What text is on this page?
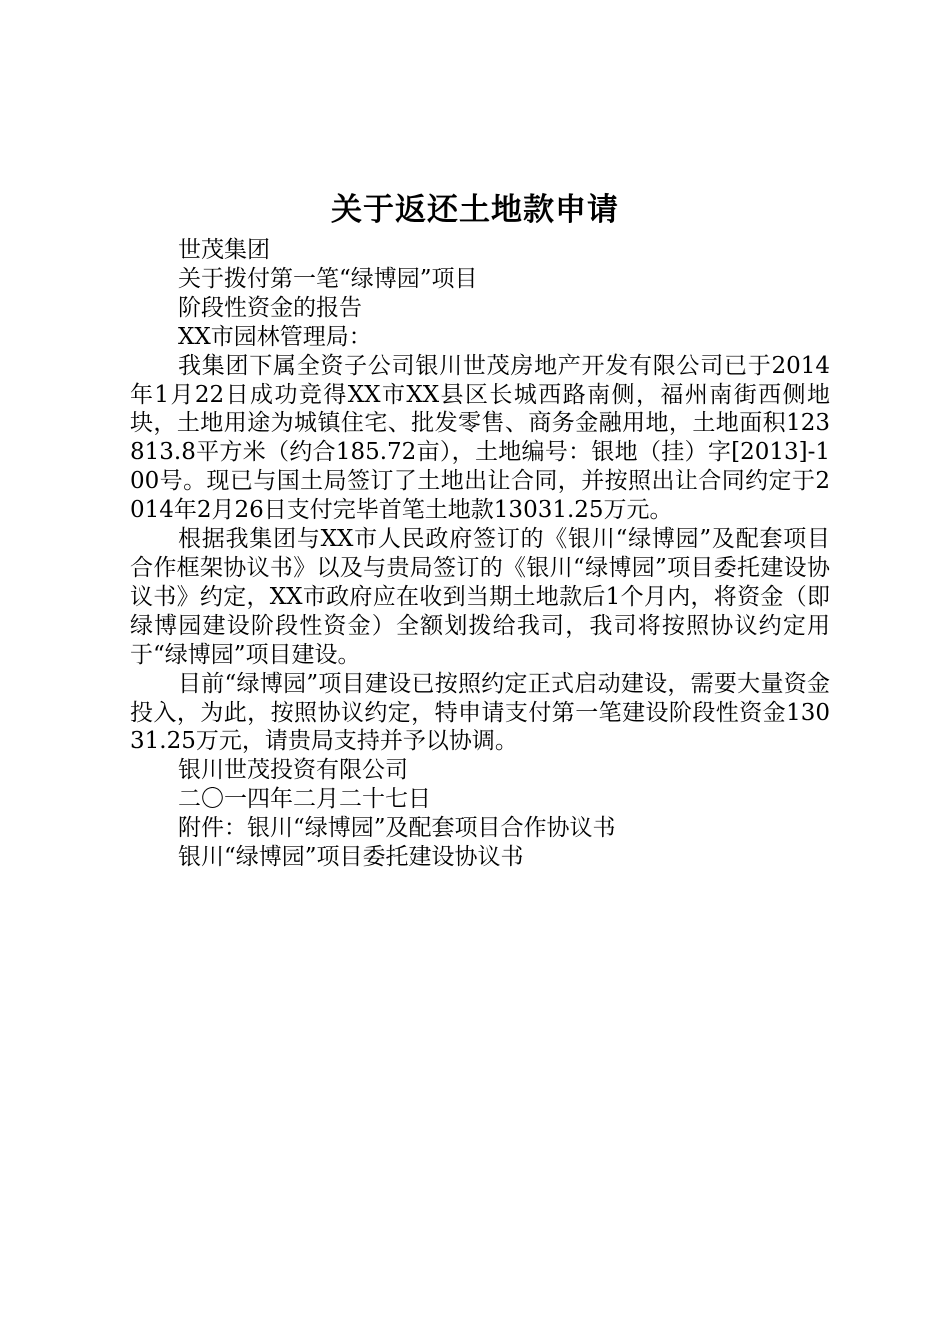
关于返还土地款申请
世茂集团
关于拨付第一笔“绿博园”项目
阶段性资金的报告
XX市园林管理局：
我集团下属全资子公司银川世茂房地产开发有限公司已于2014年1月22日成功竞得XX市XX县区长城西路南侧，福州南街西侧地块，土地用途为城镇住宅、批发零售、商务金融用地，土地面积123813.8平方米（约合185.72亩），土地编号：银地（挂）字[2013]-100号。现已与国土局签订了土地出让合同，并按照出让合同约定于2014年2月26日支付完毕首笔土地款13031.25万元。
根据我集团与XX市人民政府签订的《银川“绿博园”及配套项目合作框架协议书》以及与贵局签订的《银川“绿博园”项目委托建设协议书》约定，XX市政府应在收到当期土地款后1个月内，将资金（即绿博园建设阶段性资金）全额划拨给我司，我司将按照协议约定用于“绿博园”项目建设。
目前“绿博园”项目建设已按照约定正式启动建设，需要大量资金投入，为此，按照协议约定，特申请支付第一笔建设阶段性资金13031.25万元，请贵局支持并予以协调。
银川世茂投资有限公司
二〇一四年二月二十七日
附件：银川“绿博园”及配套项目合作协议书
银川“绿博园”项目委托建设协议书
